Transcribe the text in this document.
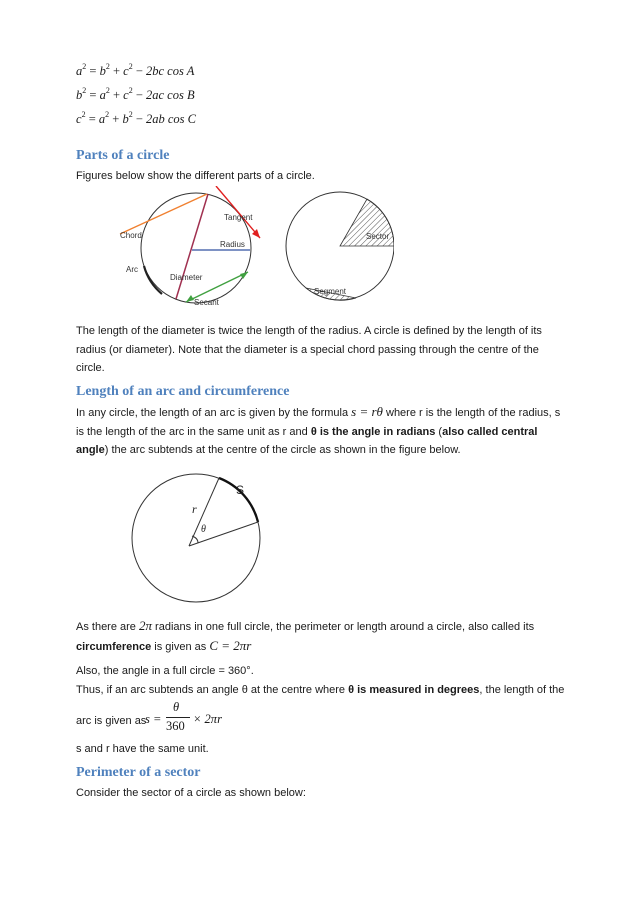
$a^2 = b^2 + c^2 - 2bc$ cos A
$b^2 = a^2 + c^2 - 2ac$ cos B
$c^2 = a^2 + b^2 - 2ab$ cos C
Parts of a circle

Figures below show the different parts of a circle.

Chord
Tangent
Radius
Arc
Diameter
Secant
Sector
Segment

The length of the diameter is twice the length of the radius. A circle is defined by the length of its radius (or diameter). Note that the diameter is a special chord passing through the centre of the circle.

Length of an arc and circumference

In any circle, the length of an arc is given by the formula s = rθ where r is the length of the radius, s is the length of the arc in the same unit as r and θ is the angle in radians (also called central angle) the arc subtends at the centre of the circle as shown in the figure below.

r
S
θ

As there are 2π radians in one full circle, the perimeter or length around a circle, also called its circumference is given as C = 2πr

Also, the angle in a full circle = 360°.

Thus, if an arc subtends an angle θ at the centre where θ is measured in degrees, the length of the

arc is given as

s =
θ
360 × 2πr

s and r have the same unit.

Perimeter of a sector

Consider the sector of a circle as shown below:
